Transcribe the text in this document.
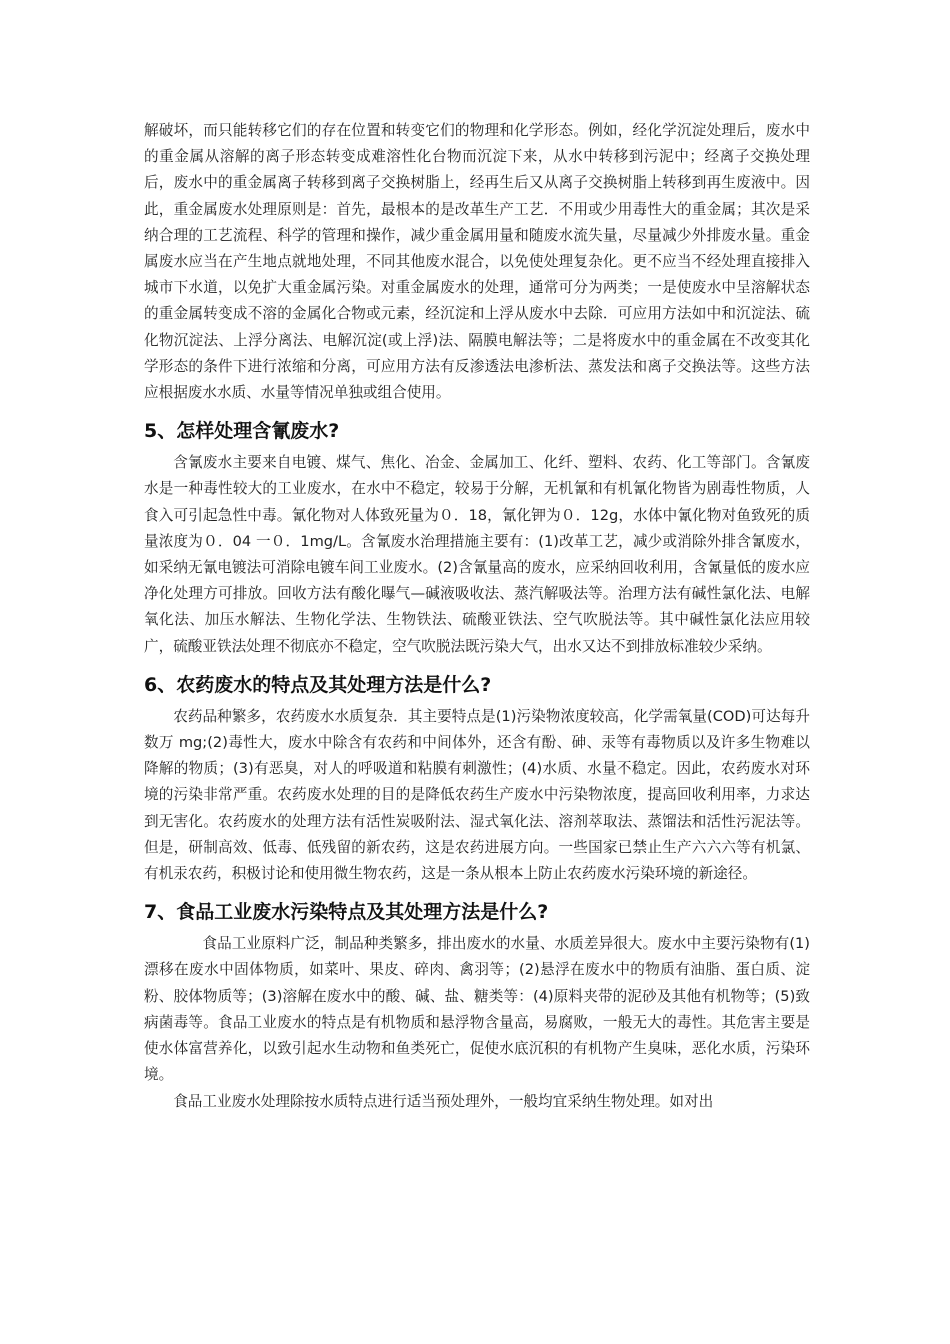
解破坏，而只能转移它们的存在位置和转变它们的物理和化学形态。例如，经化学沉淀处理后，废水中的重金属从溶解的离子形态转变成难溶性化台物而沉淀下来，从水中转移到污泥中；经离子交换处理后，废水中的重金属离子转移到离子交换树脂上，经再生后又从离子交换树脂上转移到再生废液中。因此，重金属废水处理原则是：首先，最根本的是改革生产工艺．不用或少用毒性大的重金属；其次是采纳合理的工艺流程、科学的管理和操作，减少重金属用量和随废水流失量，尽量减少外排废水量。重金属废水应当在产生地点就地处理，不同其他废水混合，以免使处理复杂化。更不应当不经处理直接排入城市下水道，以免扩大重金属污染。对重金属废水的处理，通常可分为两类；一是使废水中呈溶解状态的重金属转变成不溶的金属化合物或元素，经沉淀和上浮从废水中去除．可应用方法如中和沉淀法、硫化物沉淀法、上浮分离法、电解沉淀(或上浮)法、隔膜电解法等；二是将废水中的重金属在不改变其化学形态的条件下进行浓缩和分离，可应用方法有反渗透法电渗析法、蒸发法和离子交换法等。这些方法应根据废水水质、水量等情况单独或组合使用。

5、怎样处理含氰废水?

含氰废水主要来自电镀、煤气、焦化、冶金、金属加工、化纤、塑料、农药、化工等部门。含氰废水是一种毒性较大的工业废水，在水中不稳定，较易于分解，无机氰和有机氰化物皆为剧毒性物质，人食入可引起急性中毒。氰化物对人体致死量为０．18，氰化钾为０．12g，水体中氰化物对鱼致死的质量浓度为０．04 一０．1mg/L。含氰废水治理措施主要有：(1)改革工艺，减少或消除外排含氰废水，如采纳无氰电镀法可消除电镀车间工业废水。(2)含氰量高的废水，应采纳回收利用，含氰量低的废水应净化处理方可排放。回收方法有酸化曝气—碱液吸收法、蒸汽解吸法等。治理方法有碱性氯化法、电解氧化法、加压水解法、生物化学法、生物铁法、硫酸亚铁法、空气吹脱法等。其中碱性氯化法应用较广，硫酸亚铁法处理不彻底亦不稳定，空气吹脱法既污染大气，出水又达不到排放标准较少采纳。

6、农药废水的特点及其处理方法是什么?

农药品种繁多，农药废水水质复杂．其主要特点是(1)污染物浓度较高，化学需氧量(COD)可达每升数万 mg;(2)毒性大，废水中除含有农药和中间体外，还含有酚、砷、汞等有毒物质以及许多生物难以降解的物质；(3)有恶臭，对人的呼吸道和粘膜有刺激性；(4)水质、水量不稳定。因此，农药废水对环境的污染非常严重。农药废水处理的目的是降低农药生产废水中污染物浓度，提高回收利用率，力求达到无害化。农药废水的处理方法有活性炭吸附法、湿式氧化法、溶剂萃取法、蒸馏法和活性污泥法等。但是，研制高效、低毒、低残留的新农药，这是农药进展方向。一些国家已禁止生产六六六等有机氯、有机汞农药，积极讨论和使用微生物农药，这是一条从根本上防止农药废水污染环境的新途径。

7、食品工业废水污染特点及其处理方法是什么?

食品工业原料广泛，制品种类繁多，排出废水的水量、水质差异很大。废水中主要污染物有(1)漂移在废水中固体物质，如菜叶、果皮、碎肉、禽羽等；(2)悬浮在废水中的物质有油脂、蛋白质、淀粉、胶体物质等；(3)溶解在废水中的酸、碱、盐、糖类等：(4)原料夹带的泥砂及其他有机物等；(5)致病菌毒等。食品工业废水的特点是有机物质和悬浮物含量高，易腐败，一般无大的毒性。其危害主要是使水体富营养化，以致引起水生动物和鱼类死亡，促使水底沉积的有机物产生臭味，恶化水质，污染环境。

食品工业废水处理除按水质特点进行适当预处理外，一般均宜采纳生物处理。如对出
